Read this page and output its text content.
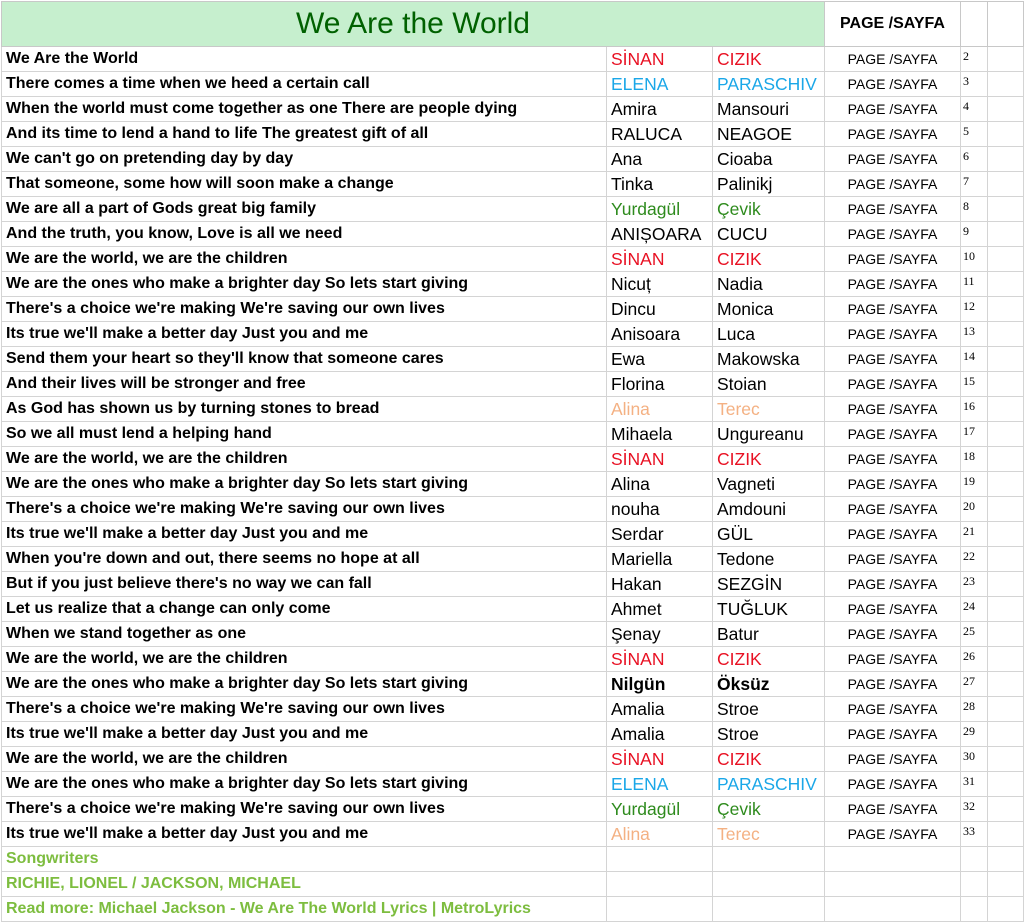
We Are the World			PAGE /SAYFA		
We Are the World	SİNAN	CIZIK	PAGE /SAYFA	2	
There comes a time when we heed a certain call	ELENA	PARASCHIV	PAGE /SAYFA	3	
When the world must come together as one There are people dying	Amira	Mansouri	PAGE /SAYFA	4	
And its time to lend a hand to life The greatest gift of all	RALUCA	NEAGOE	PAGE /SAYFA	5	
We can't go on pretending day by day	Ana	Cioaba	PAGE /SAYFA	6	
That someone, some how will soon make a change	Tinka	Palinikj	PAGE /SAYFA	7	
We are all a part of Gods great big family	Yurdagül	Çevik	PAGE /SAYFA	8	
And the truth, you know, Love is all we need	ANIȘOARA	CUCU	PAGE /SAYFA	9	
We are the world, we are the children	SİNAN	CIZIK	PAGE /SAYFA	10	
We are the ones who make a brighter day So lets start giving	Nicuț	Nadia	PAGE /SAYFA	11	
There's a choice we're making We're saving our own lives	Dincu	Monica	PAGE /SAYFA	12	
Its true we'll make a better day Just you and me	Anisoara	Luca	PAGE /SAYFA	13	
Send them your heart so they'll know that someone cares	Ewa	Makowska	PAGE /SAYFA	14	
And their lives will be stronger and free	Florina	Stoian	PAGE /SAYFA	15	
As God has shown us by turning stones to bread	Alina	Terec	PAGE /SAYFA	16	
So we all must lend a helping hand	Mihaela	Ungureanu	PAGE /SAYFA	17	
We are the world, we are the children	SİNAN	CIZIK	PAGE /SAYFA	18	
We are the ones who make a brighter day So lets start giving	Alina	Vagneti	PAGE /SAYFA	19	
There's a choice we're making We're saving our own lives	nouha	Amdouni	PAGE /SAYFA	20	
Its true we'll make a better day Just you and me	Serdar	GÜL	PAGE /SAYFA	21	
When you're down and out, there seems no hope at all	Mariella	Tedone	PAGE /SAYFA	22	
But if you just believe there's no way we can fall	Hakan	SEZGİN	PAGE /SAYFA	23	
Let us realize that a change can only come	Ahmet	TUĞLUK	PAGE /SAYFA	24	
When we stand together as one	Şenay	Batur	PAGE /SAYFA	25	
We are the world, we are the children	SİNAN	CIZIK	PAGE /SAYFA	26	
We are the ones who make a brighter day So lets start giving	Nilgün	Öksüz	PAGE /SAYFA	27	
There's a choice we're making We're saving our own lives	Amalia	Stroe	PAGE /SAYFA	28	
Its true we'll make a better day Just you and me	Amalia	Stroe	PAGE /SAYFA	29	
We are the world, we are the children	SİNAN	CIZIK	PAGE /SAYFA	30	
We are the ones who make a brighter day So lets start giving	ELENA	PARASCHIV	PAGE /SAYFA	31	
There's a choice we're making We're saving our own lives	Yurdagül	Çevik	PAGE /SAYFA	32	
Its true we'll make a better day Just you and me	Alina	Terec	PAGE /SAYFA	33	
Songwriters					
RICHIE, LIONEL / JACKSON, MICHAEL					
Read more: Michael Jackson - We Are The World Lyrics | MetroLyrics					
